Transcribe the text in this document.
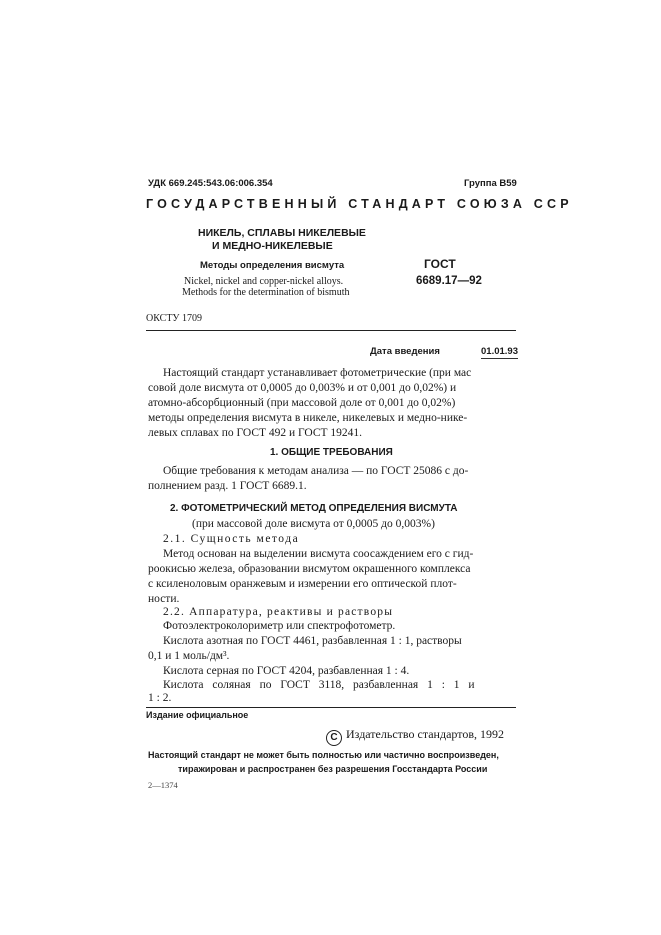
УДК 669.245:543.06:006.354	Группа В59
ГОСУДАРСТВЕННЫЙ СТАНДАРТ СОЮЗА ССР
НИКЕЛЬ, СПЛАВЫ НИКЕЛЕВЫЕ
И МЕДНО-НИКЕЛЕВЫЕ
Методы определения висмута
Nickel, nickel and copper-nickel alloys.
Methods for the determination of bismuth
ГОСТ
6689.17—92
ОКСТУ 1709
Дата введения	01.01.93
Настоящий стандарт устанавливает фотометрические (при мас
совой доле висмута от 0,0005 до 0,003% и от 0,001 до 0,02%) и
атомно-абсорбционный (при массовой доле от 0,001 до 0,02%)
методы определения висмута в никеле, никелевых и медно-нике-
левых сплавах по ГОСТ 492 и ГОСТ 19241.
1. ОБЩИЕ ТРЕБОВАНИЯ
Общие требования к методам анализа — по ГОСТ 25086 с до-
полнением разд. 1 ГОСТ 6689.1.
2. ФОТОМЕТРИЧЕСКИЙ МЕТОД ОПРЕДЕЛЕНИЯ ВИСМУТА
(при массовой доле висмута от 0,0005 до 0,003%)
2.1. Сущность метода
Метод основан на выделении висмута соосаждением его с гид-
роокисью железа, образовании висмутом окрашенного комплекса
с ксиленоловым оранжевым и измерении его оптической плот-
ности.
2.2. Аппаратура, реактивы и растворы
Фотоэлектроколориметр или спектрофотометр.
Кислота азотная по ГОСТ 4461, разбавленная 1 : 1, растворы
0,1 и 1 моль/дм³.
Кислота серная по ГОСТ 4204, разбавленная 1 : 4.
Кислота соляная по ГОСТ 3118, разбавленная 1 : 1 и
1 : 2.
Издание официальное
C Издательство стандартов, 1992
Настоящий стандарт не может быть полностью или частично воспроизведен,
тиражирован и распространен без разрешения Госстандарта России
2—1374
